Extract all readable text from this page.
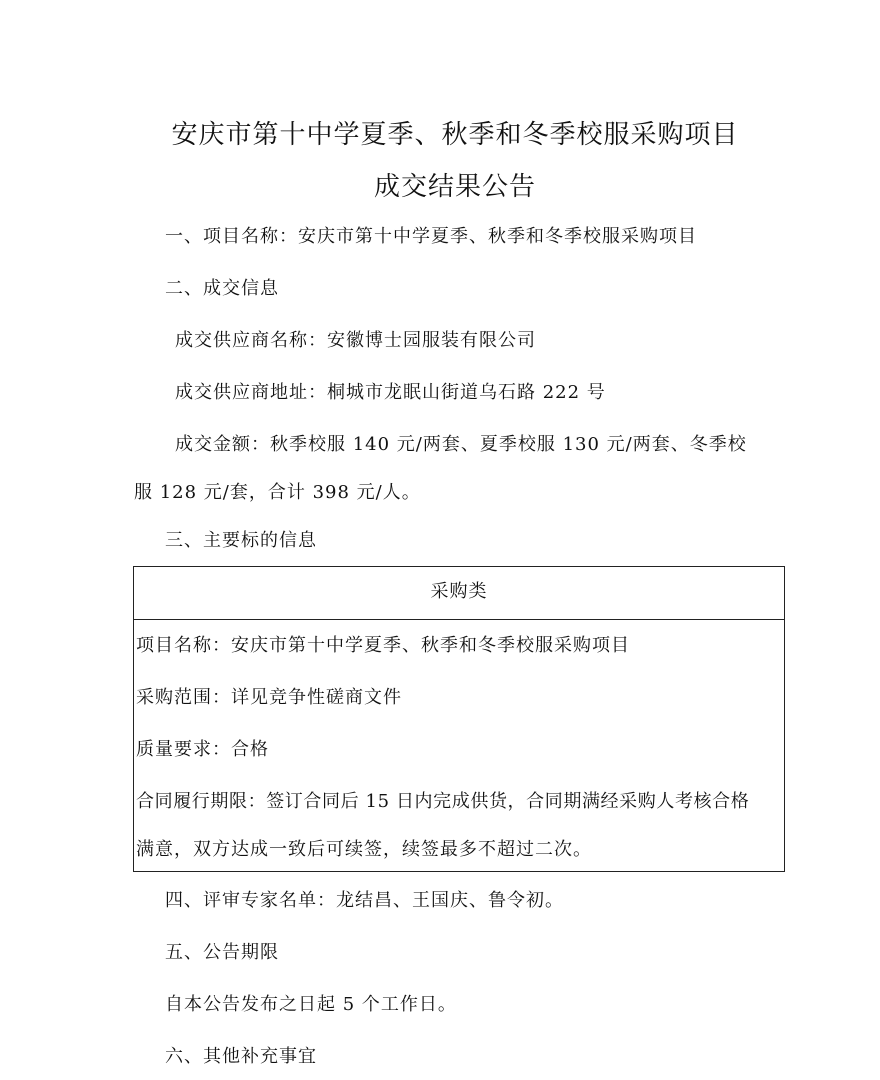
安庆市第十中学夏季、秋季和冬季校服采购项目
成交结果公告
一、项目名称：安庆市第十中学夏季、秋季和冬季校服采购项目
二、成交信息
成交供应商名称：安徽博士园服装有限公司
成交供应商地址：桐城市龙眠山街道乌石路 222 号
成交金额：秋季校服 140 元/两套、夏季校服 130 元/两套、冬季校
服 128 元/套，合计 398 元/人。
三、主要标的信息
采购类
项目名称：安庆市第十中学夏季、秋季和冬季校服采购项目
采购范围：详见竞争性磋商文件
质量要求：合格
合同履行期限：签订合同后 15 日内完成供货，合同期满经采购人考核合格
满意，双方达成一致后可续签，续签最多不超过二次。
四、评审专家名单：龙结昌、王国庆、鲁令初。
五、公告期限
自本公告发布之日起 5 个工作日。
六、其他补充事宜
